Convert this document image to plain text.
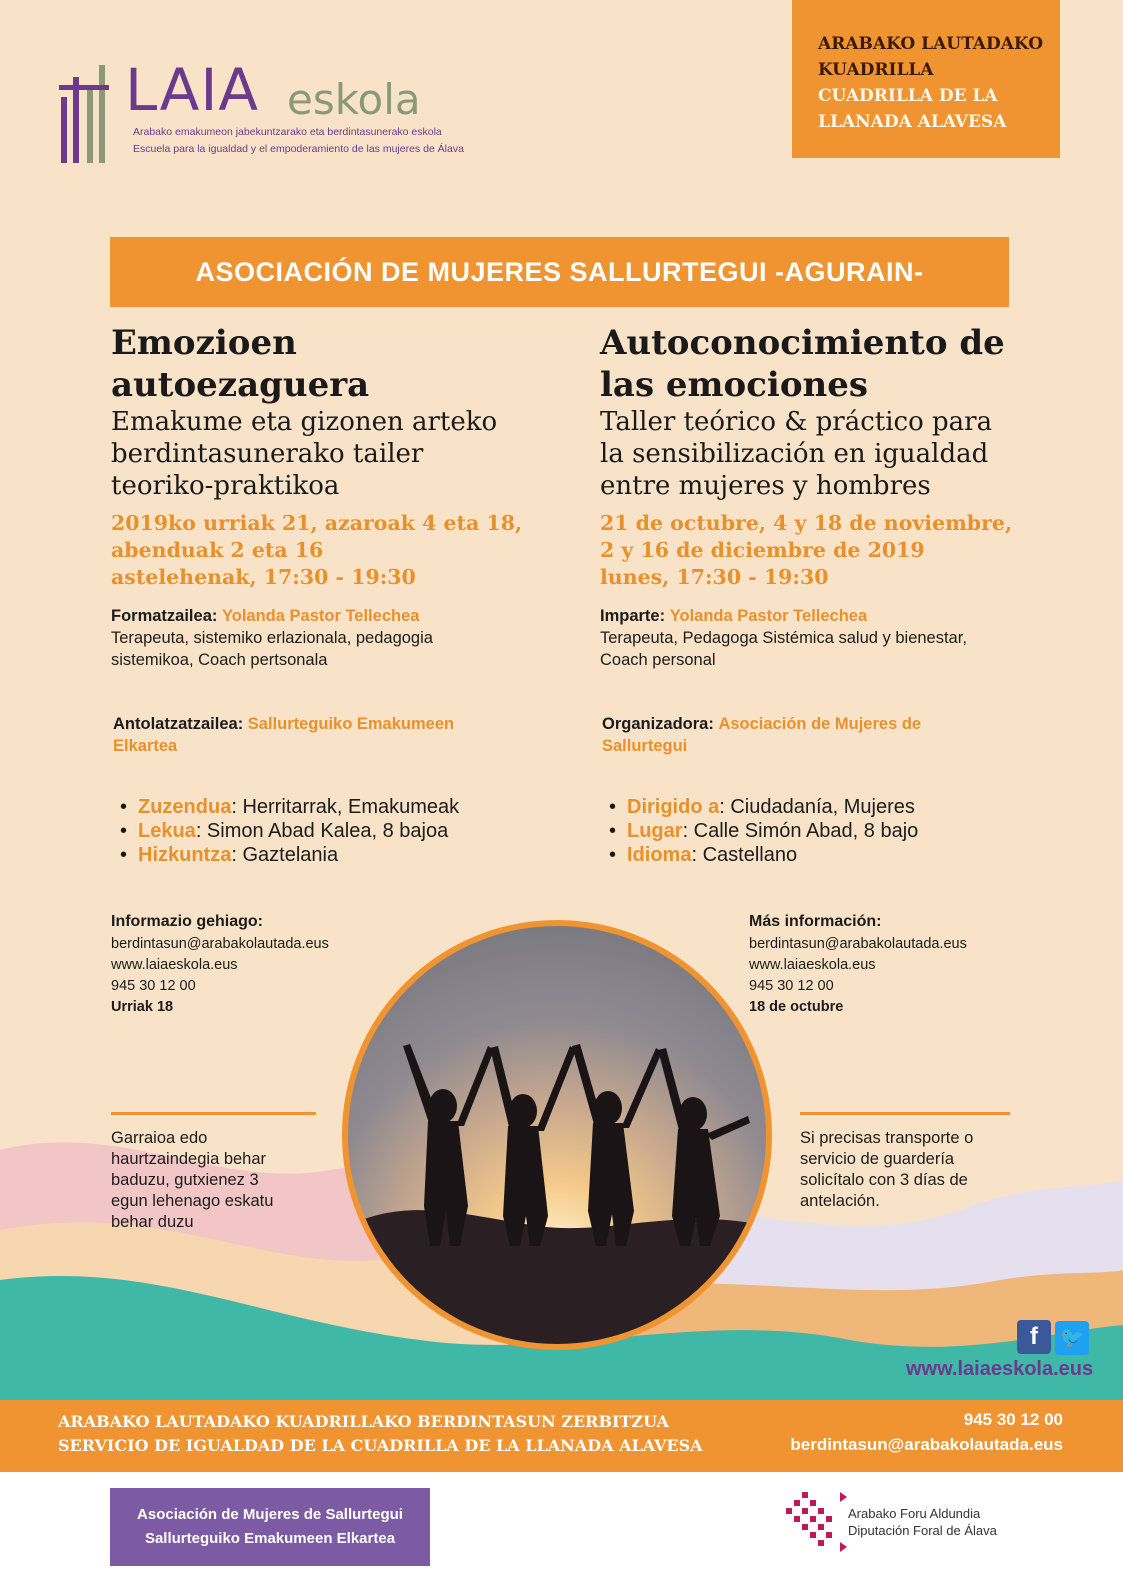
LAIA eskola
Arabako emakumeon jabekuntzarako eta berdintasunerako eskola
Escuela para la igualdad y el empoderamiento de las mujeres de Álava
ARABAKO LAUTADAKO
KUADRILLA
CUADRILLA DE LA
LLANADA ALAVESA
ASOCIACIÓN DE MUJERES SALLURTEGUI -AGURAIN-
Emozioen
autoezaguera
Emakume eta gizonen arteko
berdintasunerako tailer
teoriko-praktikoa
2019ko urriak 21, azaroak 4 eta 18,
abenduak 2 eta 16
astelehenak, 17:30 - 19:30
Formatzailea: Yolanda Pastor Tellechea
Terapeuta, sistemiko erlazionala, pedagogia
sistemikoa, Coach pertsonala
Antolatzatzailea: Sallurteguiko Emakumeen
Elkartea
• Zuzendua: Herritarrak, Emakumeak
• Lekua: Simon Abad Kalea, 8 bajoa
• Hizkuntza: Gaztelania
Autoconocimiento de
las emociones
Taller teórico & práctico para
la sensibilización en igualdad
entre mujeres y hombres
21 de octubre, 4 y 18 de noviembre,
2 y 16 de diciembre de 2019
lunes, 17:30 - 19:30
Imparte: Yolanda Pastor Tellechea
Terapeuta, Pedagoga Sistémica salud y bienestar,
Coach personal
Organizadora: Asociación de Mujeres de
Sallurtegui
• Dirigido a: Ciudadanía, Mujeres
• Lugar: Calle Simón Abad, 8 bajo
• Idioma: Castellano
Informazio gehiago:
berdintasun@arabakolautada.eus
www.laiaeskola.eus
945 30 12 00
Urriak 18
Garraioa edo
haurtzaindegia behar
baduzu, gutxienez 3
egun lehenago eskatu
behar duzu
Más información:
berdintasun@arabakolautada.eus
www.laiaeskola.eus
945 30 12 00
18 de octubre
Si precisas transporte o
servicio de guardería
solicítalo con 3 días de
antelación.
f 🐦
www.laiaeskola.eus
ARABAKO LAUTADAKO KUADRILLAKO BERDINTASUN ZERBITZUA
SERVICIO DE IGUALDAD DE LA CUADRILLA DE LA LLANADA ALAVESA
945 30 12 00
berdintasun@arabakolautada.eus
Asociación de Mujeres de Sallurtegui
Sallurteguiko Emakumeen Elkartea
Arabako Foru Aldundia
Diputación Foral de Álava
